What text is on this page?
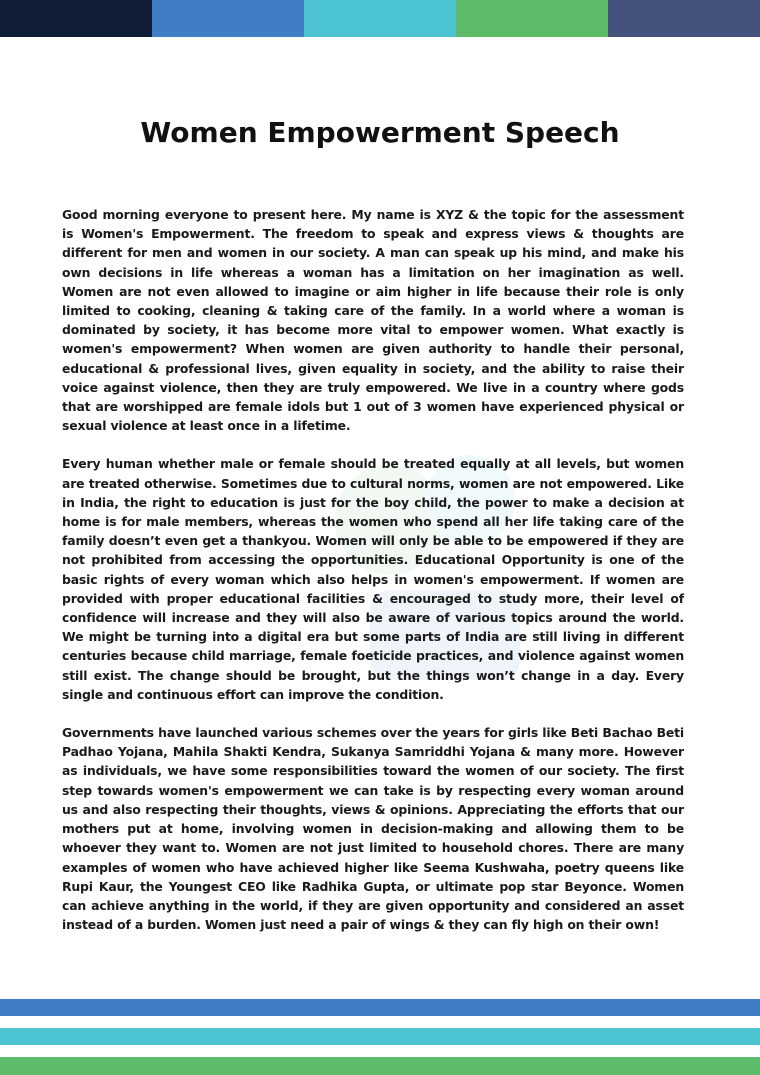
Women Empowerment Speech

Good morning everyone to present here. My name is XYZ & the topic for the assessment is Women's Empowerment. The freedom to speak and express views & thoughts are different for men and women in our society. A man can speak up his mind, and make his own decisions in life whereas a woman has a limitation on her imagination as well. Women are not even allowed to imagine or aim higher in life because their role is only limited to cooking, cleaning & taking care of the family. In a world where a woman is dominated by society, it has become more vital to empower women. What exactly is women's empowerment? When women are given authority to handle their personal, educational & professional lives, given equality in society, and the ability to raise their voice against violence, then they are truly empowered. We live in a country where gods that are worshipped are female idols but 1 out of 3 women have experienced physical or sexual violence at least once in a lifetime.

Every human whether male or female should be treated equally at all levels, but women are treated otherwise. Sometimes due to cultural norms, women are not empowered. Like in India, the right to education is just for the boy child, the power to make a decision at home is for male members, whereas the women who spend all her life taking care of the family doesn’t even get a thankyou. Women will only be able to be empowered if they are not prohibited from accessing the opportunities. Educational Opportunity is one of the basic rights of every woman which also helps in women's empowerment. If women are provided with proper educational facilities & encouraged to study more, their level of confidence will increase and they will also be aware of various topics around the world. We might be turning into a digital era but some parts of India are still living in different centuries because child marriage, female foeticide practices, and violence against women still exist. The change should be brought, but the things won’t change in a day. Every single and continuous effort can improve the condition.

Governments have launched various schemes over the years for girls like Beti Bachao Beti Padhao Yojana, Mahila Shakti Kendra, Sukanya Samriddhi Yojana & many more. However as individuals, we have some responsibilities toward the women of our society. The first step towards women's empowerment we can take is by respecting every woman around us and also respecting their thoughts, views & opinions. Appreciating the efforts that our mothers put at home, involving women in decision-making and allowing them to be whoever they want to. Women are not just limited to household chores. There are many examples of women who have achieved higher like Seema Kushwaha, poetry queens like Rupi Kaur, the Youngest CEO like Radhika Gupta, or ultimate pop star Beyonce. Women can achieve anything in the world, if they are given opportunity and considered an asset instead of a burden. Women just need a pair of wings & they can fly high on their own!
